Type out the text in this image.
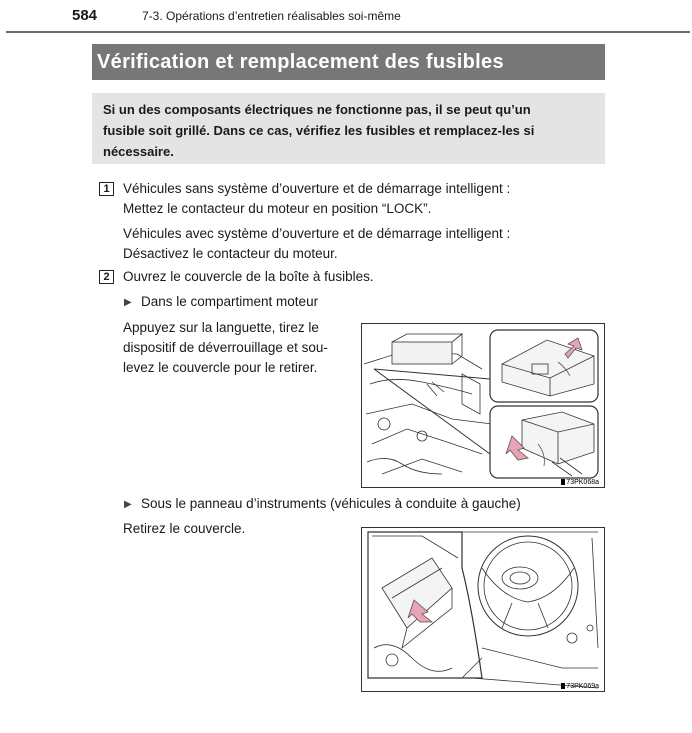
584	7-3. Opérations d’entretien réalisables soi-même
Vérification et remplacement des fusibles
Si un des composants électriques ne fonctionne pas, il se peut qu’un
fusible soit grillé. Dans ce cas, vérifiez les fusibles et remplacez-les si
nécessaire.
1 Véhicules sans système d’ouverture et de démarrage intelligent :
Mettez le contacteur du moteur en position “LOCK”.
Véhicules avec système d’ouverture et de démarrage intelligent :
Désactivez le contacteur du moteur.
2 Ouvrez le couvercle de la boîte à fusibles.
▶ Dans le compartiment moteur
Appuyez sur la languette, tirez le
dispositif de déverrouillage et sou-
levez le couvercle pour le retirer.
73PK068a
▶ Sous le panneau d’instruments (véhicules à conduite à gauche)
Retirez le couvercle.
73PK069a
